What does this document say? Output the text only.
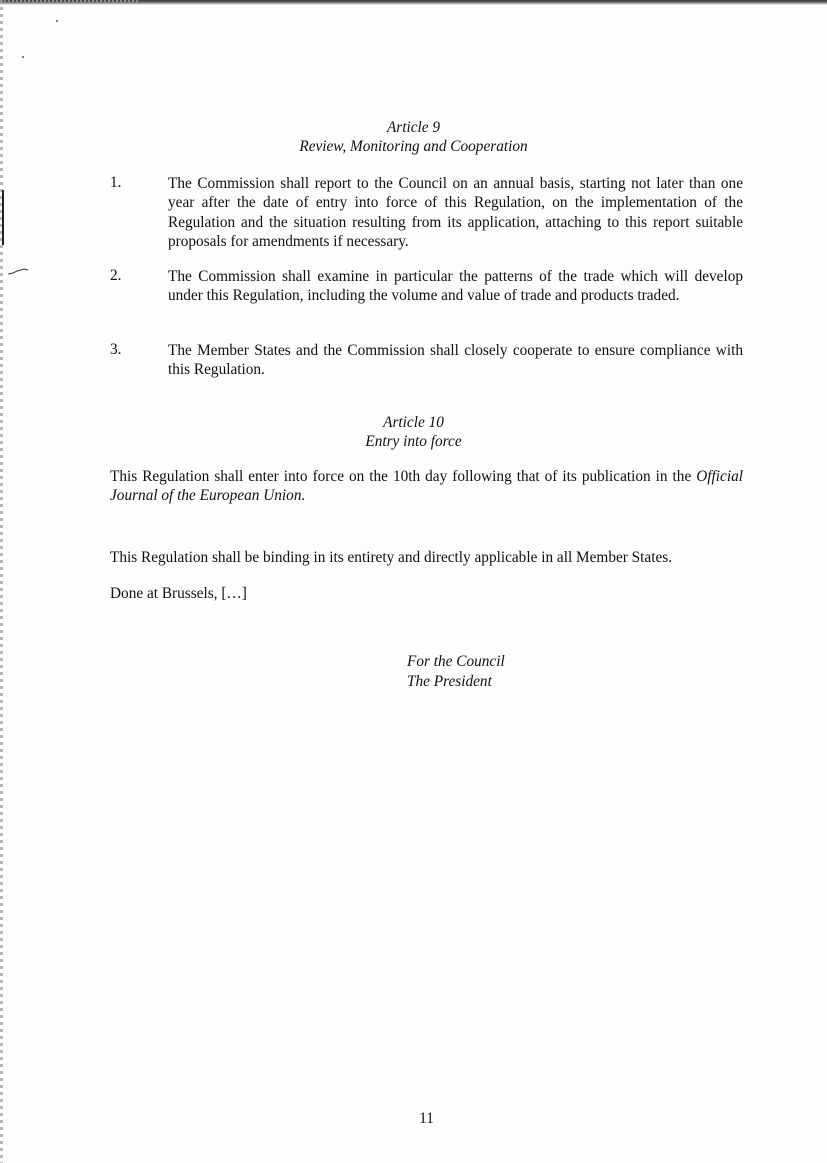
Article 9
Review, Monitoring and Cooperation
1.	The Commission shall report to the Council on an annual basis, starting not later than one year after the date of entry into force of this Regulation, on the implementation of the Regulation and the situation resulting from its application, attaching to this report suitable proposals for amendments if necessary.
2.	The Commission shall examine in particular the patterns of the trade which will develop under this Regulation, including the volume and value of trade and products traded.
3.	The Member States and the Commission shall closely cooperate to ensure compliance with this Regulation.
Article 10
Entry into force
This Regulation shall enter into force on the 10th day following that of its publication in the Official Journal of the European Union.
This Regulation shall be binding in its entirety and directly applicable in all Member States.
Done at Brussels, […]
For the Council
The President
11
